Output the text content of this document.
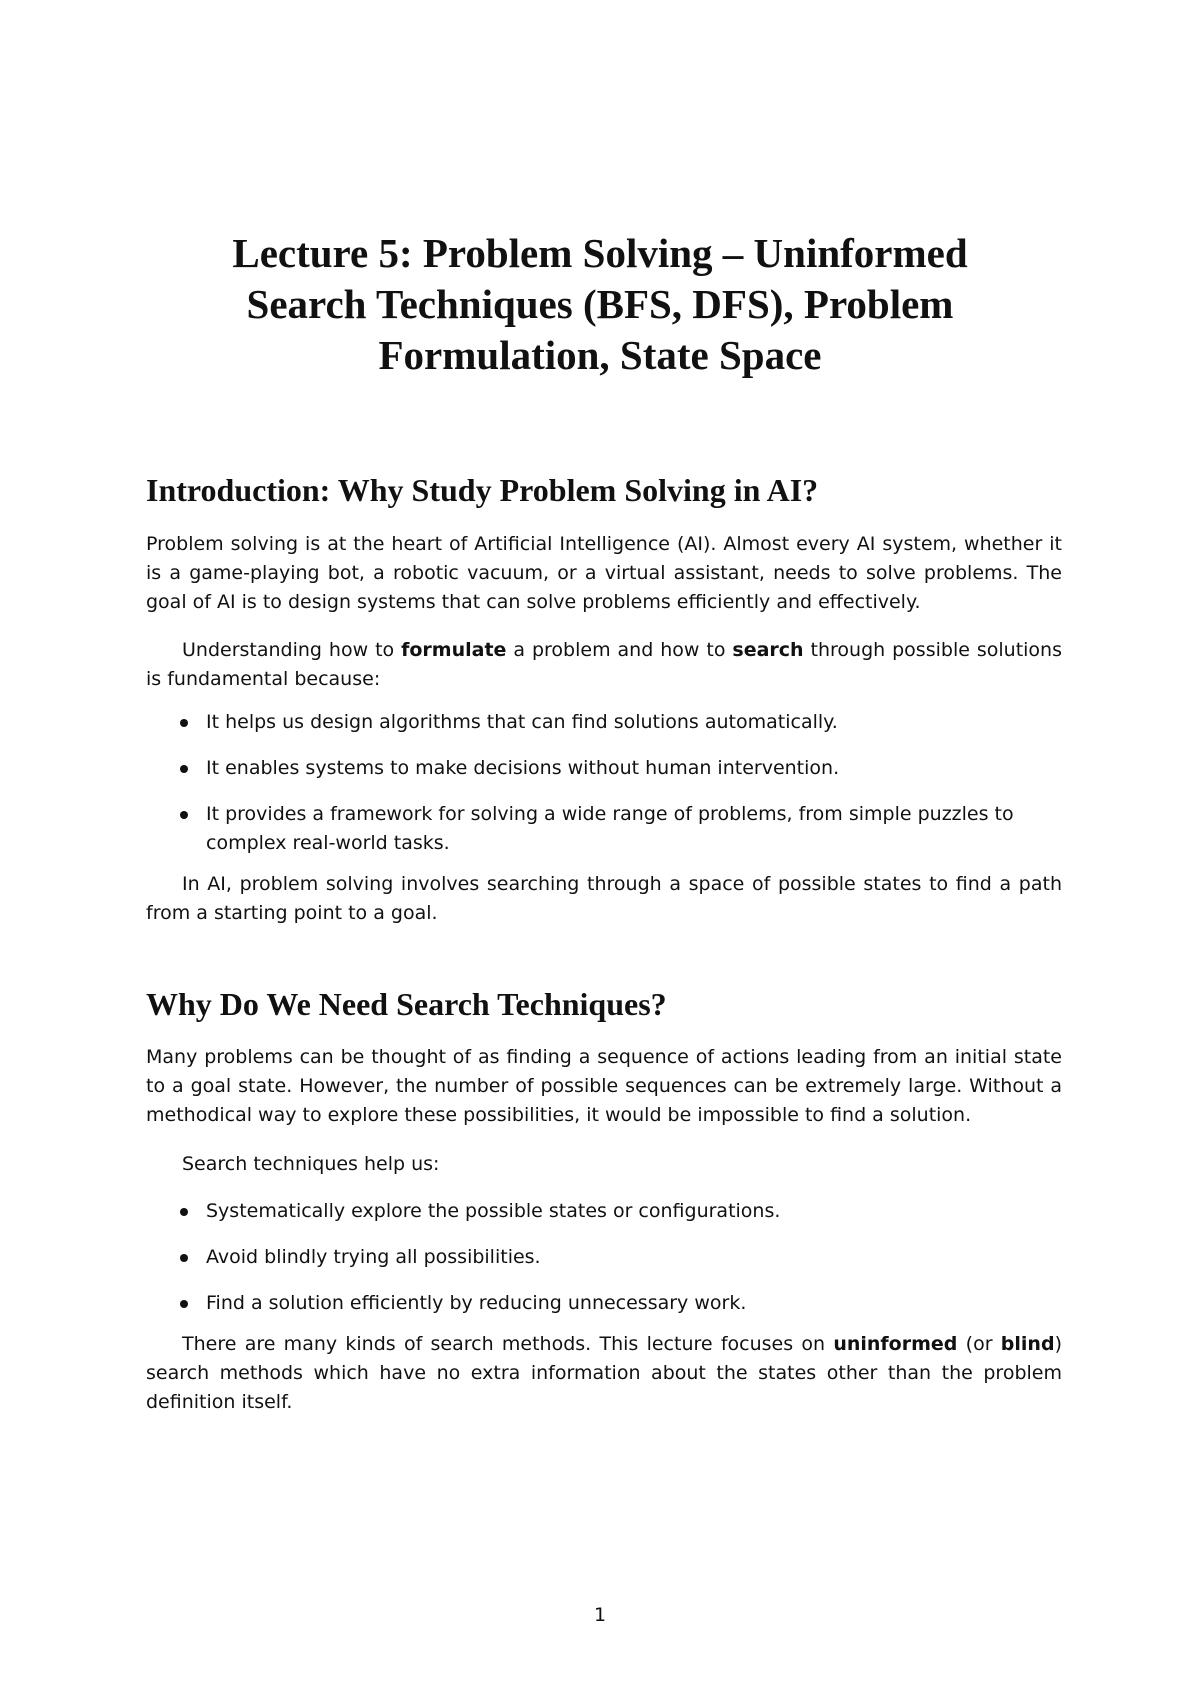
Lecture 5: Problem Solving – Uninformed
Search Techniques (BFS, DFS), Problem
Formulation, State Space
Introduction: Why Study Problem Solving in AI?

Problem solving is at the heart of Artificial Intelligence (AI). Almost every AI system, whether it is a game-playing bot, a robotic vacuum, or a virtual assistant, needs to solve problems. The goal of AI is to design systems that can solve problems efficiently and effectively.

Understanding how to formulate a problem and how to search through possible solutions is fundamental because:

It helps us design algorithms that can find solutions automatically.
It enables systems to make decisions without human intervention.
It provides a framework for solving a wide range of problems, from simple puzzles to complex real-world tasks.

In AI, problem solving involves searching through a space of possible states to find a path from a starting point to a goal.

Why Do We Need Search Techniques?

Many problems can be thought of as finding a sequence of actions leading from an initial state to a goal state. However, the number of possible sequences can be extremely large. Without a methodical way to explore these possibilities, it would be impossible to find a solution.

Search techniques help us:

Systematically explore the possible states or configurations.
Avoid blindly trying all possibilities.
Find a solution efficiently by reducing unnecessary work.

There are many kinds of search methods. This lecture focuses on uninformed (or blind) search methods which have no extra information about the states other than the problem definition itself.

1
